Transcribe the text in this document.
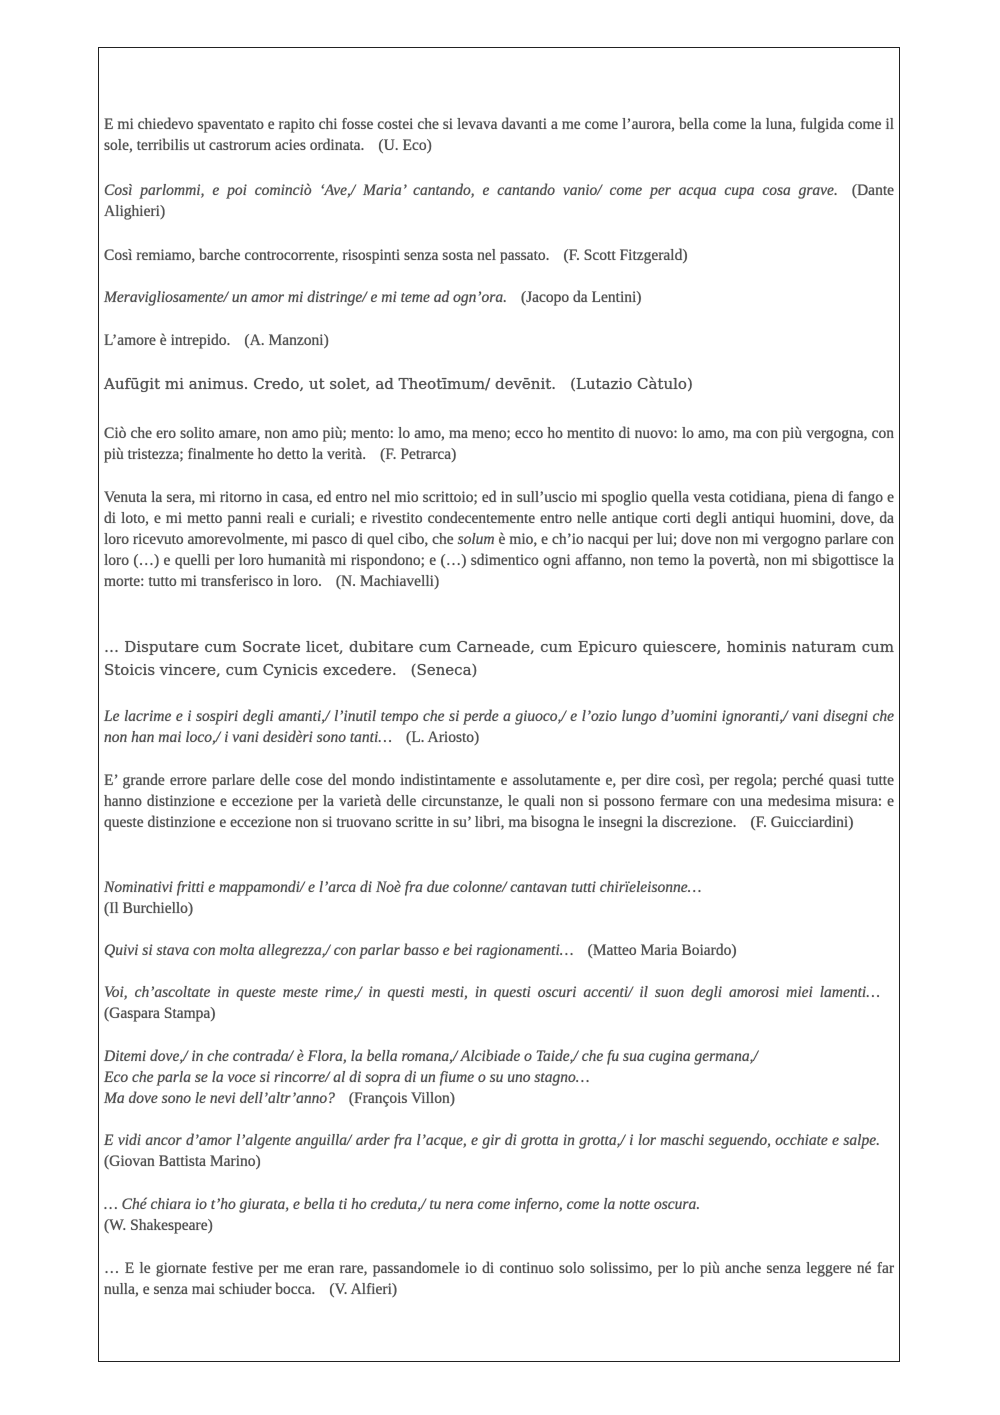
E mi chiedevo spaventato e rapito chi fosse costei che si levava davanti a me come l’aurora, bella come la luna, fulgida come il sole, terribilis ut castrorum acies ordinata. (U. Eco)

Così parlommi, e poi cominciò ‘Ave,/ Maria’ cantando, e cantando vanio/ come per acqua cupa cosa grave. (Dante Alighieri)

Così remiamo, barche controcorrente, risospinti senza sosta nel passato. (F. Scott Fitzgerald)

Meravigliosamente/ un amor mi distringe/ e mi teme ad ogn’ora. (Jacopo da Lentini)

L’amore è intrepido. (A. Manzoni)

Aufūgit mi animus. Credo, ut solet, ad Theotīmum/ devēnit. (Lutazio Càtulo)

Ciò che ero solito amare, non amo più; mento: lo amo, ma meno; ecco ho mentito di nuovo: lo amo, ma con più vergogna, con più tristezza; finalmente ho detto la verità. (F. Petrarca)

Venuta la sera, mi ritorno in casa, ed entro nel mio scrittoio; ed in sull’uscio mi spoglio quella vesta cotidiana, piena di fango e di loto, e mi metto panni reali e curiali; e rivestito condecentemente entro nelle antique corti degli antiqui huomini, dove, da loro ricevuto amorevolmente, mi pasco di quel cibo, che solum è mio, e ch’io nacqui per lui; dove non mi vergogno parlare con loro (…) e quelli per loro humanità mi rispondono; e (…) sdimentico ogni affanno, non temo la povertà, non mi sbigottisce la morte: tutto mi transferisco in loro. (N. Machiavelli)

… Disputare cum Socrate licet, dubitare cum Carneade, cum Epicuro quiescere, hominis naturam cum Stoicis vincere, cum Cynicis excedere. (Seneca)

Le lacrime e i sospiri degli amanti,/ l’inutil tempo che si perde a giuoco,/ e l’ozio lungo d’uomini ignoranti,/ vani disegni che non han mai loco,/ i vani desidèri sono tanti… (L. Ariosto)

E’ grande errore parlare delle cose del mondo indistintamente e assolutamente e, per dire così, per regola; perché quasi tutte hanno distinzione e eccezione per la varietà delle circunstanze, le quali non si possono fermare con una medesima misura: e queste distinzione e eccezione non si truovano scritte in su’ libri, ma bisogna le insegni la discrezione. (F. Guicciardini)

Nominativi fritti e mappamondi/ e l’arca di Noè fra due colonne/ cantavan tutti chirïeleisonne…
(Il Burchiello)

Quivi si stava con molta allegrezza,/ con parlar basso e bei ragionamenti… (Matteo Maria Boiardo)

Voi, ch’ascoltate in queste meste rime,/ in questi mesti, in questi oscuri accenti/ il suon degli amorosi miei lamenti…(Gaspara Stampa)

Ditemi dove,/ in che contrada/ è Flora, la bella romana,/ Alcibiade o Taide,/ che fu sua cugina germana,/
Eco che parla se la voce si rincorre/ al di sopra di un fiume o su uno stagno…
Ma dove sono le nevi dell’altr’anno? (François Villon)

E vidi ancor d’amor l’algente anguilla/ arder fra l’acque, e gir di grotta in grotta,/ i lor maschi seguendo, occhiate e salpe.(Giovan Battista Marino)

… Ché chiara io t’ho giurata, e bella ti ho creduta,/ tu nera come inferno, come la notte oscura.
(W. Shakespeare)

… E le giornate festive per me eran rare, passandomele io di continuo solo solissimo, per lo più anche senza leggere né far nulla, e senza mai schiuder bocca. (V. Alfieri)
